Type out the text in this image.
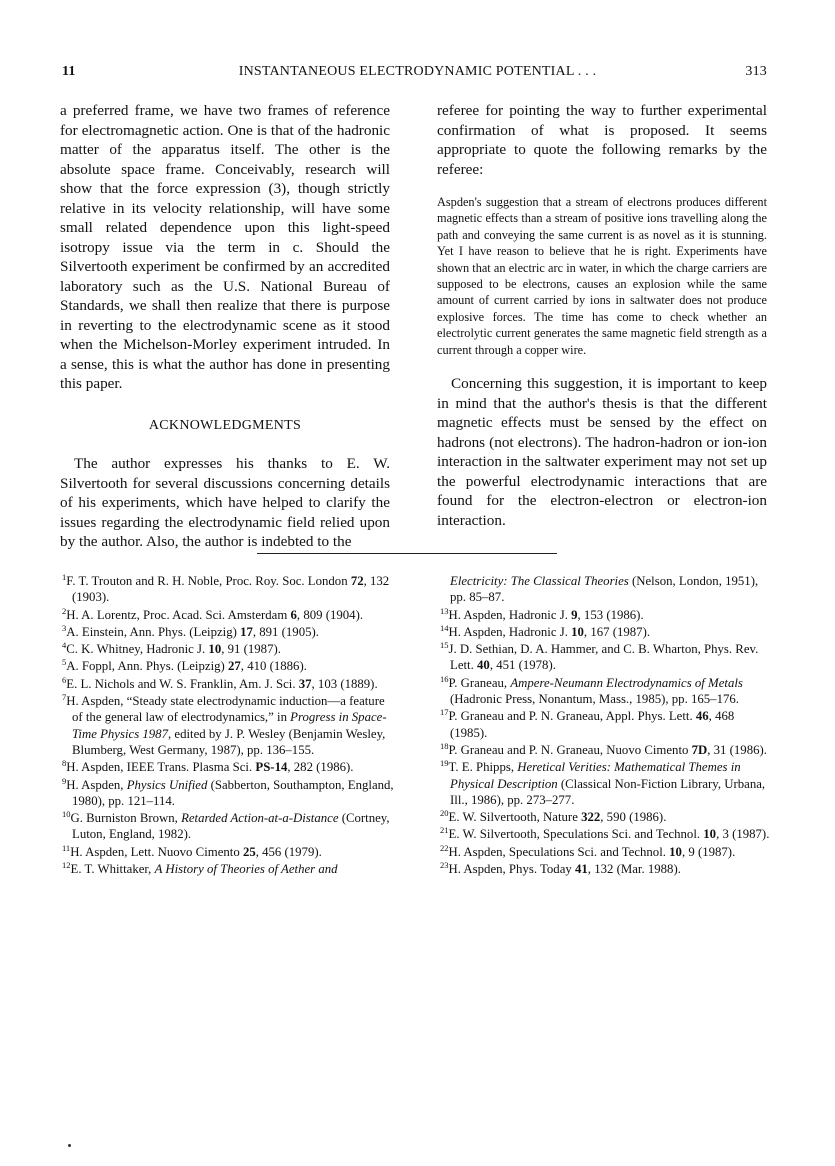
11	INSTANTANEOUS ELECTRODYNAMIC POTENTIAL . . .	313

a preferred frame, we have two frames of reference for electromagnetic action. One is that of the hadronic matter of the apparatus itself. The other is the absolute space frame. Conceivably, research will show that the force expression (3), though strictly relative in its velocity relationship, will have some small related dependence upon this light-speed isotropy issue via the term in c. Should the Silvertooth experiment be confirmed by an accredited laboratory such as the U.S. National Bureau of Standards, we shall then realize that there is purpose in reverting to the electrodynamic scene as it stood when the Michelson-Morley experiment intruded. In a sense, this is what the author has done in presenting this paper.

ACKNOWLEDGMENTS

The author expresses his thanks to E. W. Silvertooth for several discussions concerning details of his experiments, which have helped to clarify the issues regarding the electrodynamic field relied upon by the author. Also, the author is indebted to the

referee for pointing the way to further experimental confirmation of what is proposed. It seems appropriate to quote the following remarks by the referee:

Aspden's suggestion that a stream of electrons produces different magnetic effects than a stream of positive ions travelling along the path and conveying the same current is as novel as it is stunning. Yet I have reason to believe that he is right. Experiments have shown that an electric arc in water, in which the charge carriers are supposed to be electrons, causes an explosion while the same amount of current carried by ions in saltwater does not produce explosive forces. The time has come to check whether an electrolytic current generates the same magnetic field strength as a current through a copper wire.

Concerning this suggestion, it is important to keep in mind that the author's thesis is that the different magnetic effects must be sensed by the effect on hadrons (not electrons). The hadron-hadron or ion-ion interaction in the saltwater experiment may not set up the powerful electrodynamic interactions that are found for the electron-electron or electron-ion interaction.

$^1$F. T. Trouton and R. H. Noble, Proc. Roy. Soc. London 72, 132 (1903).

$^2$H. A. Lorentz, Proc. Acad. Sci. Amsterdam 6, 809 (1904).

$^3$A. Einstein, Ann. Phys. (Leipzig) 17, 891 (1905).

$^4$C. K. Whitney, Hadronic J. 10, 91 (1987).

$^5$A. Foppl, Ann. Phys. (Leipzig) 27, 410 (1886).

$^6$E. L. Nichols and W. S. Franklin, Am. J. Sci. 37, 103 (1889).

$^7$H. Aspden, “Steady state electrodynamic induction—a feature of the general law of electrodynamics,” in Progress in Space-Time Physics 1987, edited by J. P. Wesley (Benjamin Wesley, Blumberg, West Germany, 1987), pp. 136–155.

$^8$H. Aspden, IEEE Trans. Plasma Sci. PS-14, 282 (1986).

$^9$H. Aspden, Physics Unified (Sabberton, Southampton, England, 1980), pp. 121–114.

$^{10}$G. Burniston Brown, Retarded Action-at-a-Distance (Cortney, Luton, England, 1982).

$^{11}$H. Aspden, Lett. Nuovo Cimento 25, 456 (1979).

$^{12}$E. T. Whittaker, A History of Theories of Aether and

Electricity: The Classical Theories (Nelson, London, 1951), pp. 85–87.

$^{13}$H. Aspden, Hadronic J. 9, 153 (1986).

$^{14}$H. Aspden, Hadronic J. 10, 167 (1987).

$^{15}$J. D. Sethian, D. A. Hammer, and C. B. Wharton, Phys. Rev. Lett. 40, 451 (1978).

$^{16}$P. Graneau, Ampere-Neumann Electrodynamics of Metals (Hadronic Press, Nonantum, Mass., 1985), pp. 165–176.

$^{17}$P. Graneau and P. N. Graneau, Appl. Phys. Lett. 46, 468 (1985).

$^{18}$P. Graneau and P. N. Graneau, Nuovo Cimento 7D, 31 (1986).

$^{19}$T. E. Phipps, Heretical Verities: Mathematical Themes in Physical Description (Classical Non-Fiction Library, Urbana, Ill., 1986), pp. 273–277.

$^{20}$E. W. Silvertooth, Nature 322, 590 (1986).

$^{21}$E. W. Silvertooth, Speculations Sci. and Technol. 10, 3 (1987).

$^{22}$H. Aspden, Speculations Sci. and Technol. 10, 9 (1987).

$^{23}$H. Aspden, Phys. Today 41, 132 (Mar. 1988).
